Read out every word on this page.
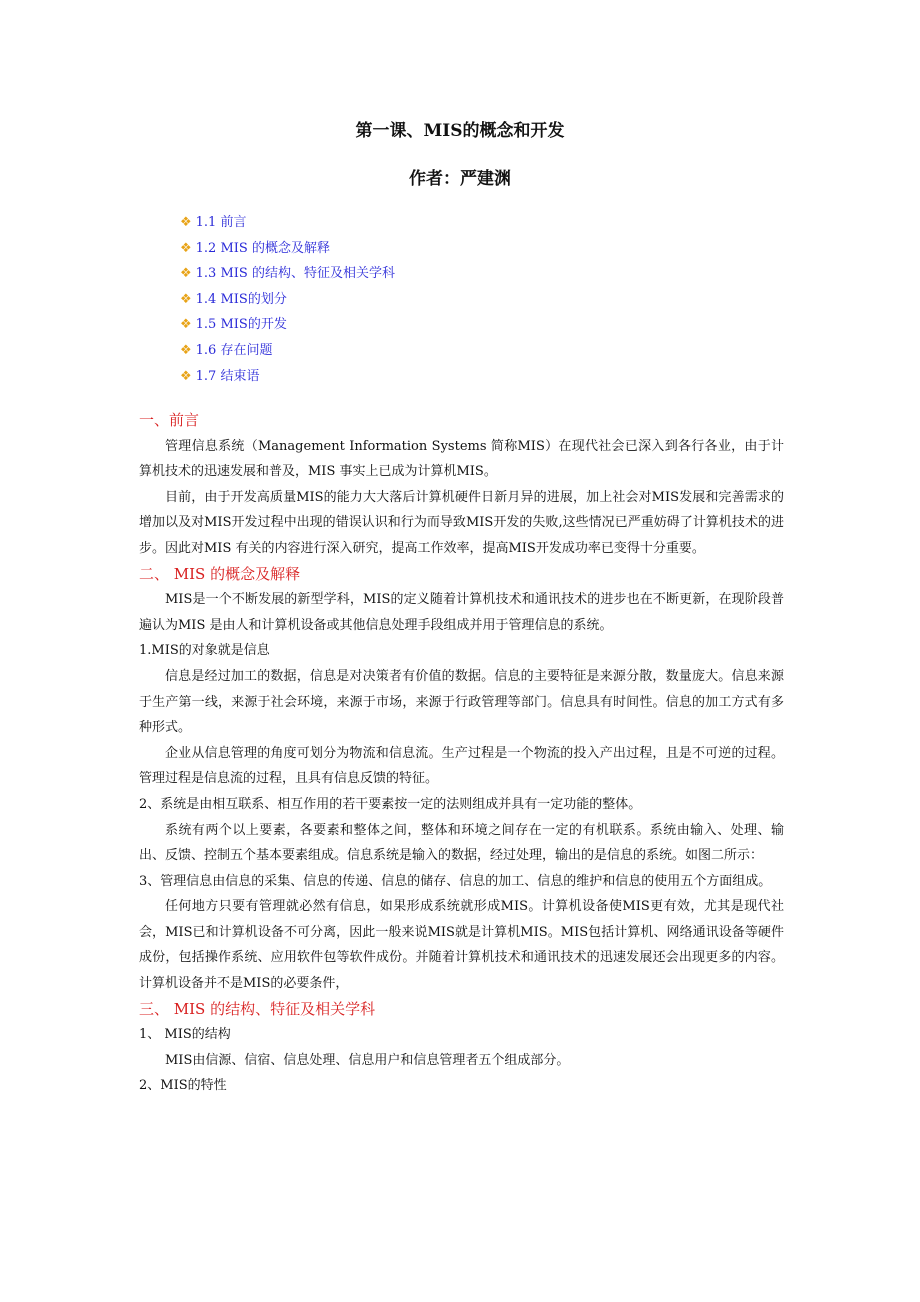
第一课、MIS的概念和开发
作者：严建渊
❖ 1.1 前言
❖ 1.2 MIS 的概念及解释
❖ 1.3 MIS 的结构、特征及相关学科
❖ 1.4 MIS的划分
❖ 1.5 MIS的开发
❖ 1.6 存在问题
❖ 1.7 结束语
一、前言

管理信息系统（Management Information Systems 简称MIS）在现代社会已深入到各行各业，由于计算机技术的迅速发展和普及，MIS 事实上已成为计算机MIS。

目前，由于开发高质量MIS的能力大大落后计算机硬件日新月异的进展，加上社会对MIS发展和完善需求的增加以及对MIS开发过程中出现的错误认识和行为而导致MIS开发的失败,这些情况已严重妨碍了计算机技术的进步。因此对MIS 有关的内容进行深入研究，提高工作效率，提高MIS开发成功率已变得十分重要。

二、 MIS 的概念及解释

MIS是一个不断发展的新型学科，MIS的定义随着计算机技术和通讯技术的进步也在不断更新，在现阶段普遍认为MIS 是由人和计算机设备或其他信息处理手段组成并用于管理信息的系统。

1.MIS的对象就是信息

信息是经过加工的数据，信息是对决策者有价值的数据。信息的主要特征是来源分散，数量庞大。信息来源于生产第一线，来源于社会环境，来源于市场，来源于行政管理等部门。信息具有时间性。信息的加工方式有多种形式。

企业从信息管理的角度可划分为物流和信息流。生产过程是一个物流的投入产出过程，且是不可逆的过程。管理过程是信息流的过程，且具有信息反馈的特征。

2、系统是由相互联系、相互作用的若干要素按一定的法则组成并具有一定功能的整体。

系统有两个以上要素，各要素和整体之间，整体和环境之间存在一定的有机联系。系统由输入、处理、输出、反馈、控制五个基本要素组成。信息系统是输入的数据，经过处理，输出的是信息的系统。如图二所示：

3、管理信息由信息的采集、信息的传递、信息的储存、信息的加工、信息的维护和信息的使用五个方面组成。

任何地方只要有管理就必然有信息，如果形成系统就形成MIS。计算机设备使MIS更有效，尤其是现代社会，MIS已和计算机设备不可分离，因此一般来说MIS就是计算机MIS。MIS包括计算机、网络通讯设备等硬件成份，包括操作系统、应用软件包等软件成份。并随着计算机技术和通讯技术的迅速发展还会出现更多的内容。计算机设备并不是MIS的必要条件，

三、 MIS 的结构、特征及相关学科

1、 MIS的结构

MIS由信源、信宿、信息处理、信息用户和信息管理者五个组成部分。

2、MIS的特性
